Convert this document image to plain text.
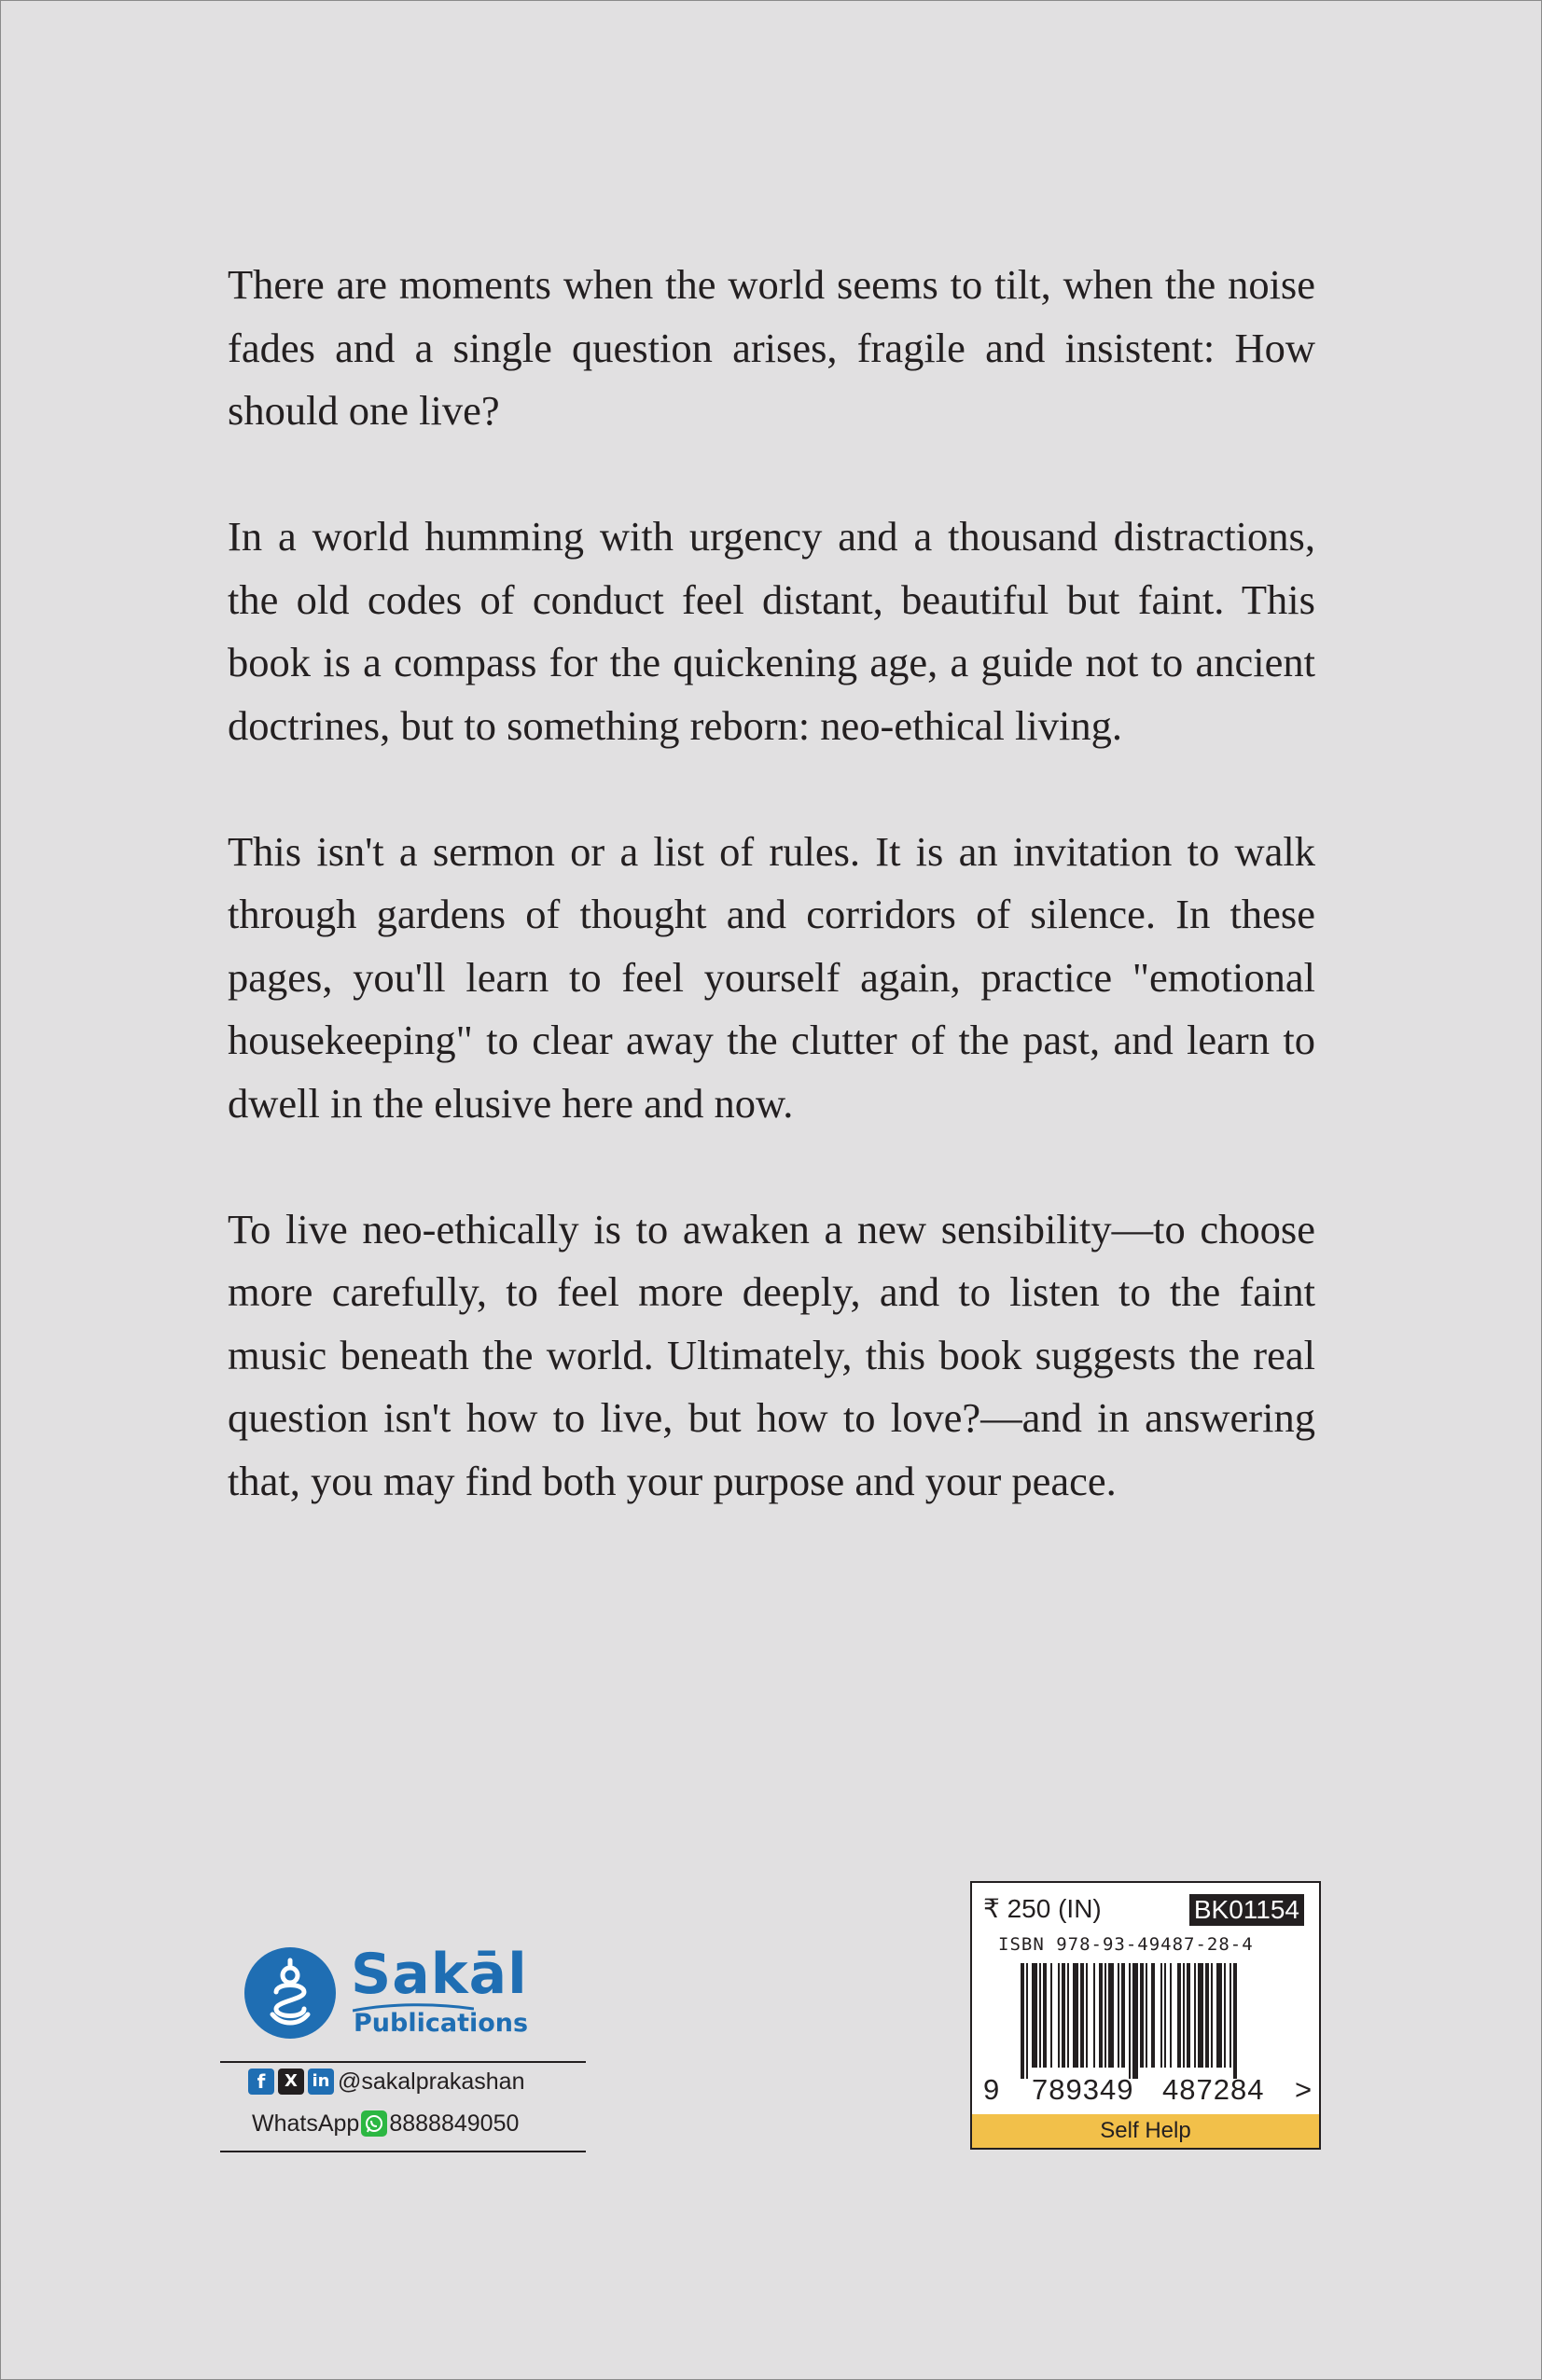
There are moments when the world seems to tilt, when the noise fades and a single question arises, fragile and insistent: How should one live?

In a world humming with urgency and a thousand distractions, the old codes of conduct feel distant, beautiful but faint. This book is a compass for the quickening age, a guide not to ancient doctrines, but to something reborn: neo-ethical living.

This isn't a sermon or a list of rules. It is an invitation to walk through gardens of thought and corridors of silence. In these pages, you'll learn to feel yourself again, practice "emotional housekeeping" to clear away the clutter of the past, and learn to dwell in the elusive here and now.

To live neo-ethically is to awaken a new sensibility—to choose more carefully, to feel more deeply, and to listen to the faint music beneath the world. Ultimately, this book suggests the real question isn't how to live, but how to love?—and in answering that, you may find both your purpose and your peace.

Sakāl
Publications
f	X in @sakalprakashan
WhatsApp 8888849050
₹ 250 (IN)	BK01154
ISBN 978-93-49487-28-4
9 789349 487284 >
Self Help
